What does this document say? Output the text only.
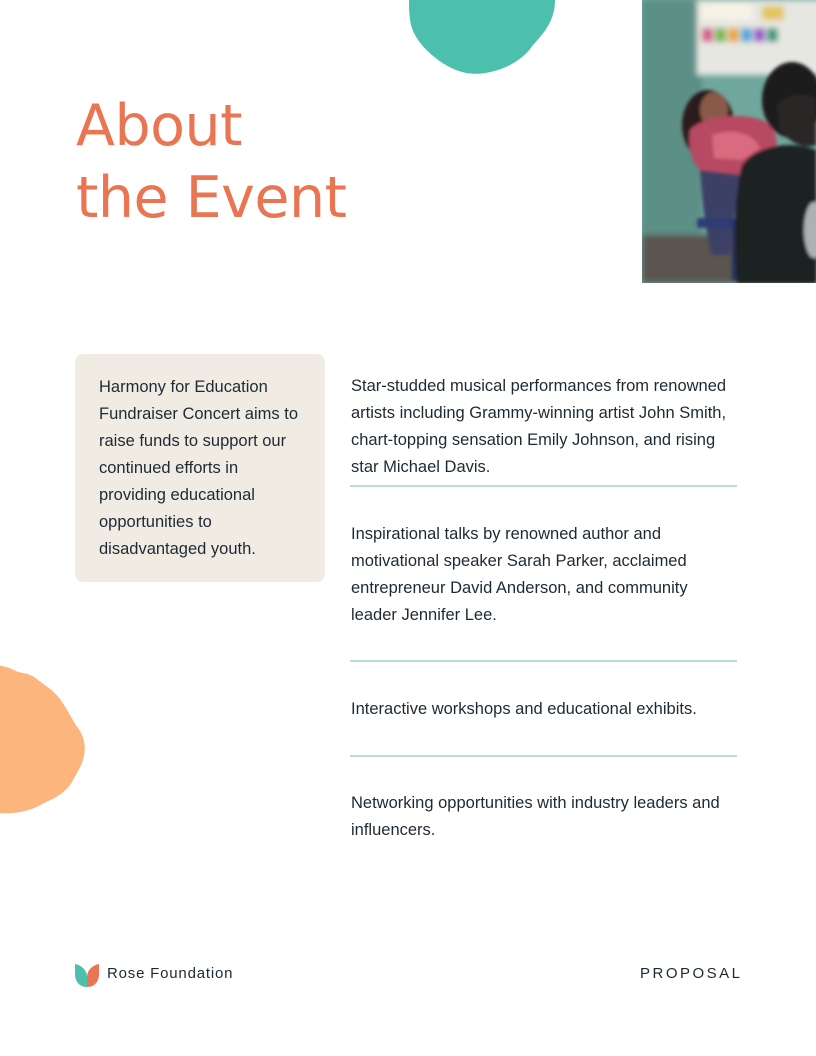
About
the Event

Harmony for Education Fundraiser Concert aims to raise funds to support our continued efforts in providing educational opportunities to disadvantaged youth.

Star-studded musical performances from renowned artists including Grammy-winning artist John Smith, chart-topping sensation Emily Johnson, and rising star Michael Davis.

Inspirational talks by renowned author and motivational speaker Sarah Parker, acclaimed entrepreneur David Anderson, and community leader Jennifer Lee.

Interactive workshops and educational exhibits.

Networking opportunities with industry leaders and influencers.

Rose Foundation	PROPOSAL
